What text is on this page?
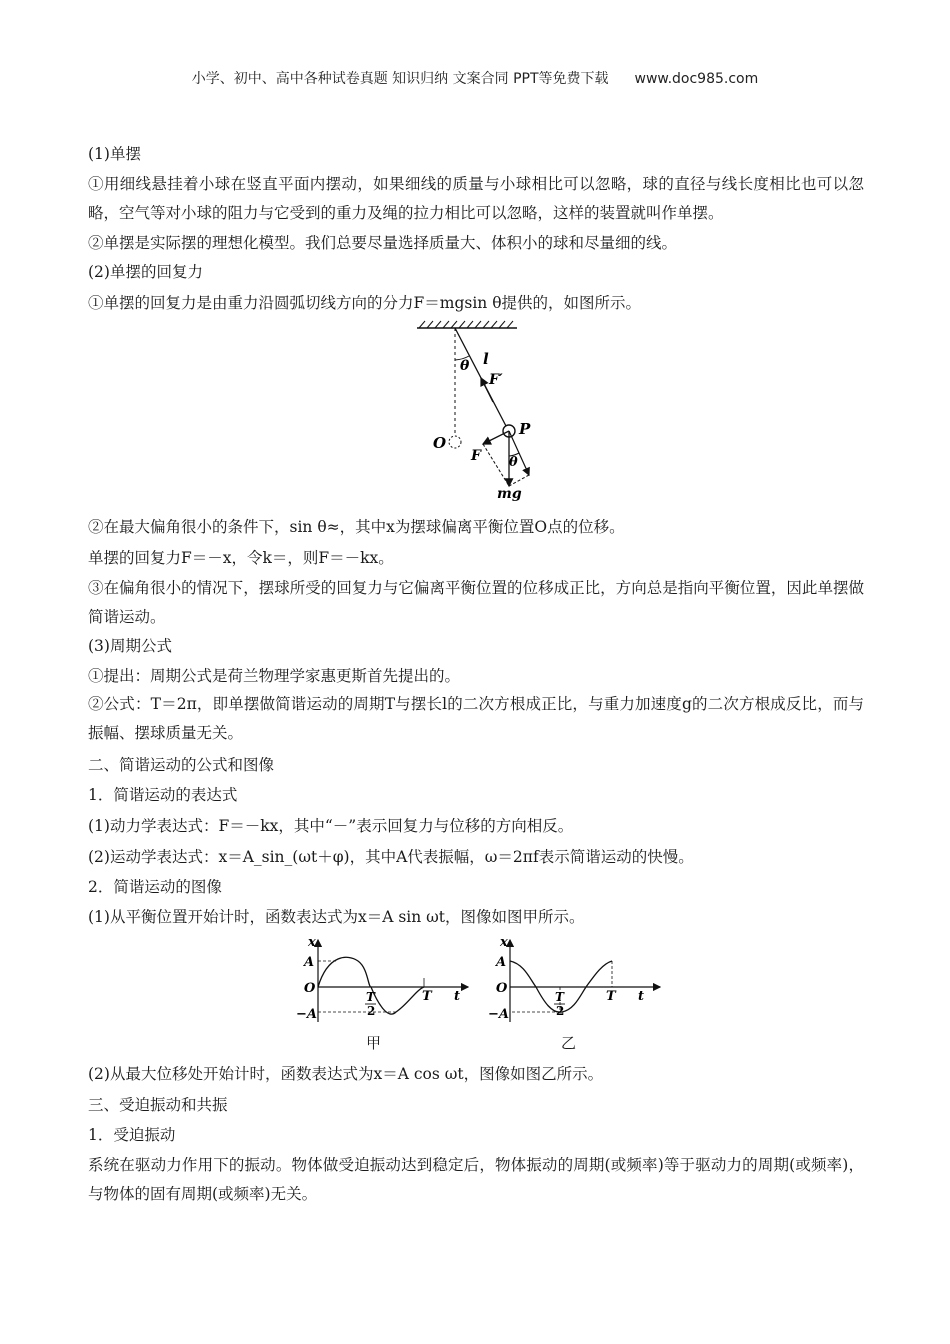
小学、初中、高中各种试卷真题 知识归纳 文案合同 PPT等免费下载 www.doc985.com
(1)单摆
①用细线悬挂着小球在竖直平面内摆动，如果细线的质量与小球相比可以忽略，球的直径与线长度相比也可以忽略，空气等对小球的阻力与它受到的重力及绳的拉力相比可以忽略，这样的装置就叫作单摆。
②单摆是实际摆的理想化模型。我们总要尽量选择质量大、体积小的球和尽量细的线。
(2)单摆的回复力
①单摆的回复力是由重力沿圆弧切线方向的分力F＝mgsin θ提供的，如图所示。
θ l
F′
O
P
F θ
mg
②在最大偏角很小的条件下，sin θ≈，其中x为摆球偏离平衡位置O点的位移。
单摆的回复力F＝－x，令k＝，则F＝－kx。
③在偏角很小的情况下，摆球所受的回复力与它偏离平衡位置的位移成正比，方向总是指向平衡位置，因此单摆做简谐运动。
(3)周期公式
①提出：周期公式是荷兰物理学家惠更斯首先提出的。
②公式：T＝2π，即单摆做简谐运动的周期T与摆长l的二次方根成正比，与重力加速度g的二次方根成反比，而与振幅、摆球质量无关。
二、简谐运动的公式和图像
1．简谐运动的表达式
(1)动力学表达式：F＝－kx，其中“－”表示回复力与位移的方向相反。
(2)运动学表达式：x＝A_sin_(ωt＋φ)，其中A代表振幅，ω＝2πf表示简谐运动的快慢。
2．简谐运动的图像
(1)从平衡位置开始计时，函数表达式为x＝A sin ωt，图像如图甲所示。
x
A
O
−A
T
2
T t
甲
x
A
O
−A
T
2
T t
乙
(2)从最大位移处开始计时，函数表达式为x＝A cos ωt，图像如图乙所示。
三、受迫振动和共振
1．受迫振动
系统在驱动力作用下的振动。物体做受迫振动达到稳定后，物体振动的周期(或频率)等于驱动力的周期(或频率)，与物体的固有周期(或频率)无关。
